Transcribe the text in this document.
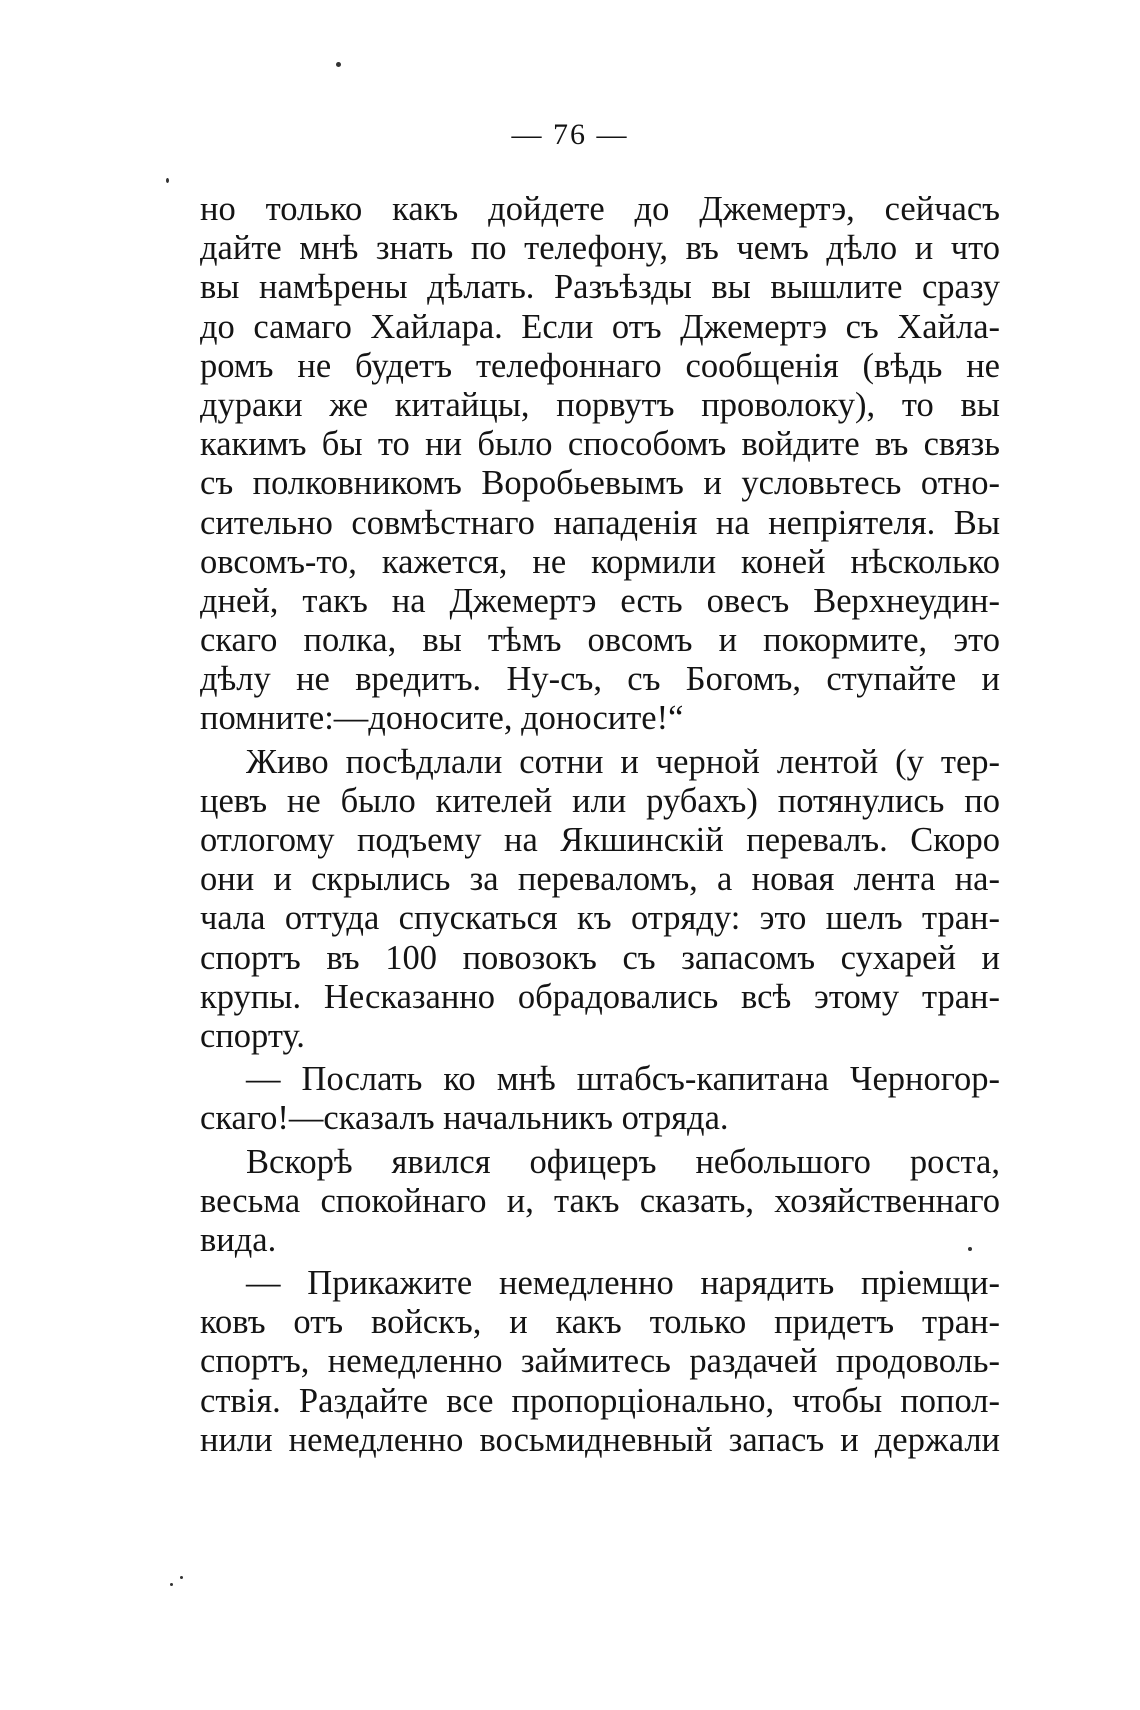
— 76 —
но только какъ дойдете до Джемертэ, сейчасъ
дайте мнѣ знать по телефону, въ чемъ дѣло и что
вы намѣрены дѣлать. Разъѣзды вы вышлите сразу
до самаго Хайлара. Если отъ Джемертэ съ Хайла-
ромъ не будетъ телефоннаго сообщенія (вѣдь не
дураки же китайцы, порвутъ проволоку), то вы
какимъ бы то ни было способомъ войдите въ связь
съ полковникомъ Воробьевымъ и условьтесь отно-
сительно совмѣстнаго нападенія на непріятеля. Вы
овсомъ-то, кажется, не кормили коней нѣсколько
дней, такъ на Джемертэ есть овесъ Верхнеудин-
скаго полка, вы тѣмъ овсомъ и покормите, это
дѣлу не вредитъ. Ну-съ, съ Богомъ, ступайте и
помните:—доносите, доносите!“
Живо посѣдлали сотни и черной лентой (у тер-
цевъ не было кителей или рубахъ) потянулись по
отлогому подъему на Якшинскій перевалъ. Скоро
они и скрылись за переваломъ, а новая лента на-
чала оттуда спускаться къ отряду: это шелъ тран-
спортъ въ 100 повозокъ съ запасомъ сухарей и
крупы. Несказанно обрадовались всѣ этому тран-
спорту.
— Послать ко мнѣ штабсъ-капитана Черногор-
скаго!—сказалъ начальникъ отряда.
Вскорѣ явился офицеръ небольшого роста,
весьма спокойнаго и, такъ сказать, хозяйственнаго
вида.
— Прикажите немедленно нарядить пріемщи-
ковъ отъ войскъ, и какъ только придетъ тран-
спортъ, немедленно займитесь раздачей продоволь-
ствія. Раздайте все пропорціонально, чтобы попол-
нили немедленно восьмидневный запасъ и держали
